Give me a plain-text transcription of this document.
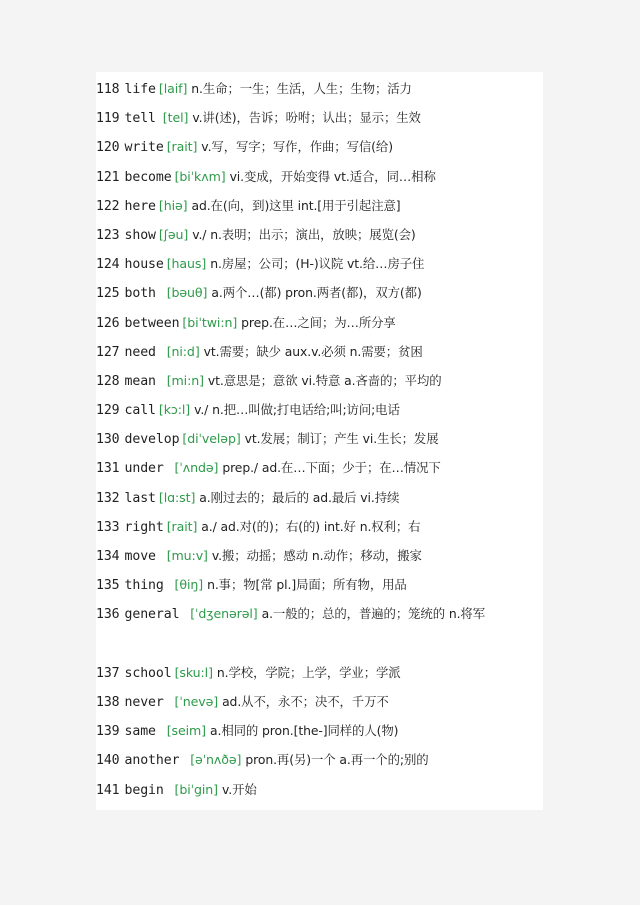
118 life [laif] n.生命；一生；生活，人生；生物；活力
119 tell [tel] v.讲(述)，告诉；吩咐；认出；显示；生效
120 write [rait] v.写，写字；写作，作曲；写信(给)
121 become [biˈkʌm] vi.变成，开始变得 vt.适合，同…相称
122 here [hiə] ad.在(向，到)这里 int.[用于引起注意]
123 show [ʃəu] v./ n.表明；出示；演出，放映；展览(会)
124 house [haus] n.房屋；公司；(H-)议院 vt.给…房子住
125 both  [bəuθ] a.两个…(都) pron.两者(都)，双方(都)
126 between [biˈtwi:n] prep.在…之间；为…所分享
127 need  [ni:d] vt.需要；缺少 aux.v.必须 n.需要；贫困
128 mean  [mi:n] vt.意思是；意欲 vi.特意 a.吝啬的；平均的
129 call [kɔ:l] v./ n.把…叫做;打电话给;叫;访问;电话
130 develop [diˈveləp] vt.发展；制订；产生 vi.生长；发展
131 under  [ˈʌndə] prep./ ad.在…下面；少于；在…情况下
132 last [lɑ:st] a.刚过去的；最后的 ad.最后 vi.持续
133 right [rait] a./ ad.对(的)；右(的) int.好 n.权利；右
134 move  [mu:v] v.搬；动摇；感动 n.动作；移动，搬家
135 thing  [θiŋ] n.事；物[常 pl.]局面；所有物，用品
136 general  [ˈdʒenərəl] a.一般的；总的，普遍的；笼统的 n.将军
137 school [sku:l] n.学校，学院；上学，学业；学派
138 never  [ˈnevə] ad.从不，永不；决不，千万不
139 same  [seim] a.相同的 pron.[the-]同样的人(物)
140 another  [əˈnʌðə] pron.再(另)一个 a.再一个的;别的
141 begin  [biˈgin] v.开始
